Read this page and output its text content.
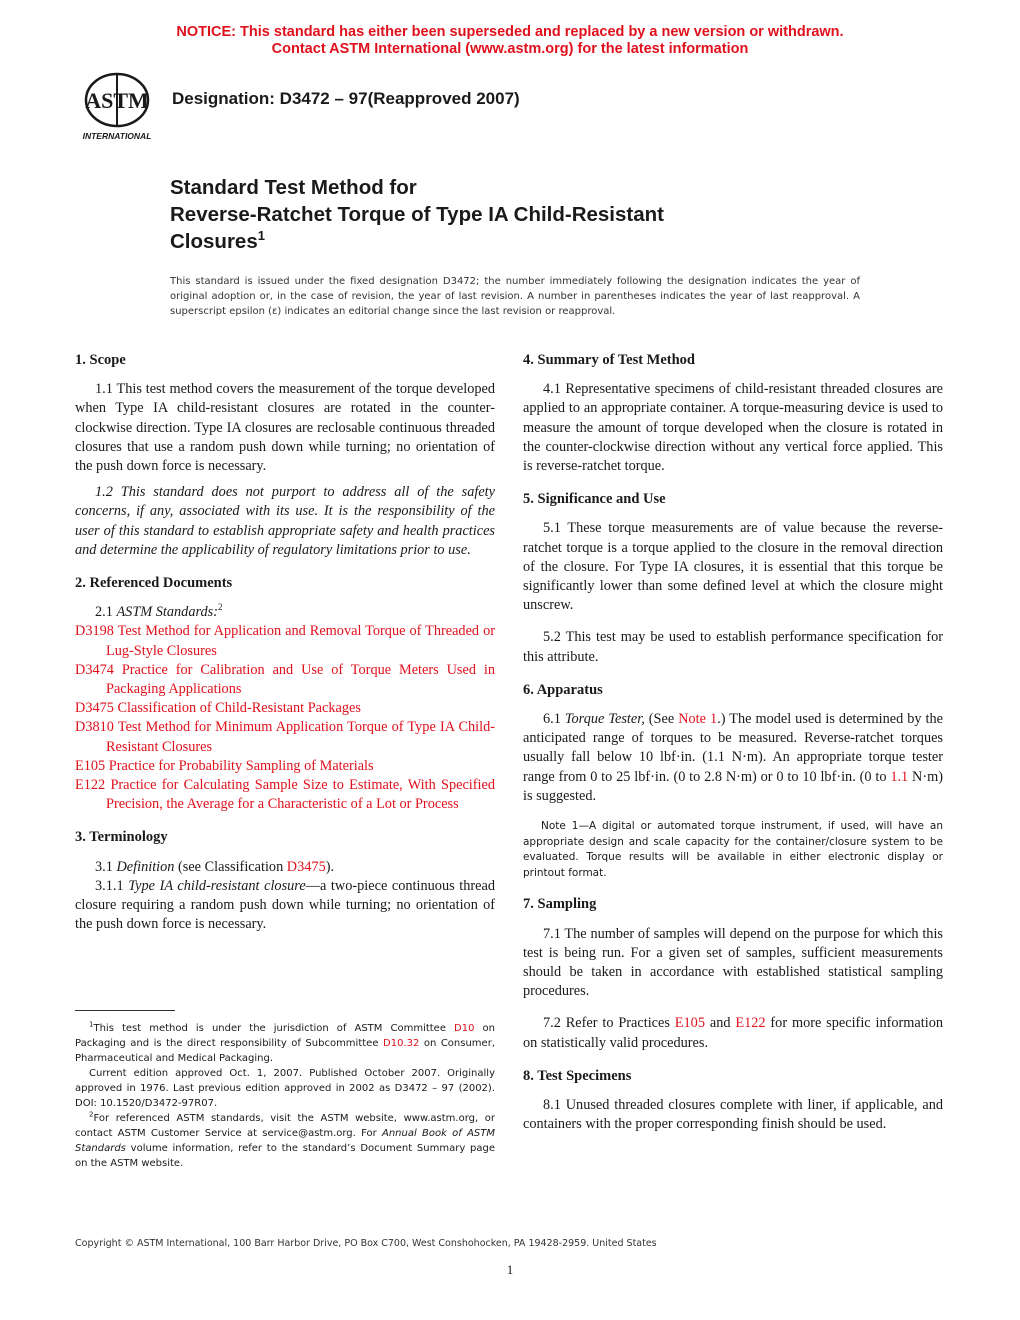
NOTICE: This standard has either been superseded and replaced by a new version or withdrawn.
Contact ASTM International (www.astm.org) for the latest information
ASTM
INTERNATIONAL
Designation: D3472 – 97(Reapproved 2007)
Standard Test Method for
Reverse-Ratchet Torque of Type IA Child-Resistant
Closures$^1$
This standard is issued under the fixed designation D3472; the number immediately following the designation indicates the year of original adoption or, in the case of revision, the year of last revision. A number in parentheses indicates the year of last reapproval. A superscript epsilon (ε) indicates an editorial change since the last revision or reapproval.
1. Scope

1.1 This test method covers the measurement of the torque developed when Type IA child-resistant closures are rotated in the counter-clockwise direction. Type IA closures are reclosable continuous threaded closures that use a random push down while turning; no orientation of the push down force is necessary.

1.2 This standard does not purport to address all of the safety concerns, if any, associated with its use. It is the responsibility of the user of this standard to establish appropriate safety and health practices and determine the applicability of regulatory limitations prior to use.

2. Referenced Documents

2.1 ASTM Standards:$^2$

D3198 Test Method for Application and Removal Torque of Threaded or Lug-Style Closures

D3474 Practice for Calibration and Use of Torque Meters Used in Packaging Applications

D3475 Classification of Child-Resistant Packages

D3810 Test Method for Minimum Application Torque of Type IA Child-Resistant Closures

E105 Practice for Probability Sampling of Materials

E122 Practice for Calculating Sample Size to Estimate, With Specified Precision, the Average for a Characteristic of a Lot or Process

3. Terminology

3.1 Definition (see Classification D3475).

3.1.1 Type IA child-resistant closure—a two-piece continuous thread closure requiring a random push down while turning; no orientation of the push down force is necessary.

$^1$This test method is under the jurisdiction of ASTM Committee D10 on Packaging and is the direct responsibility of Subcommittee D10.32 on Consumer, Pharmaceutical and Medical Packaging.

Current edition approved Oct. 1, 2007. Published October 2007. Originally approved in 1976. Last previous edition approved in 2002 as D3472 – 97 (2002). DOI: 10.1520/D3472-97R07.

$^2$For referenced ASTM standards, visit the ASTM website, www.astm.org, or contact ASTM Customer Service at service@astm.org. For Annual Book of ASTM Standards volume information, refer to the standard’s Document Summary page on the ASTM website.

4. Summary of Test Method

4.1 Representative specimens of child-resistant threaded closures are applied to an appropriate container. A torque-measuring device is used to measure the amount of torque developed when the closure is rotated in the counter-clockwise direction without any vertical force applied. This is reverse-ratchet torque.

5. Significance and Use

5.1 These torque measurements are of value because the reverse-ratchet torque is a torque applied to the closure in the removal direction of the closure. For Type IA closures, it is essential that this torque be significantly lower than some defined level at which the closure might unscrew.

5.2 This test may be used to establish performance specification for this attribute.

6. Apparatus

6.1 Torque Tester, (See Note 1.) The model used is determined by the anticipated range of torques to be measured. Reverse-ratchet torques usually fall below 10 lbf·in. (1.1 N·m). An appropriate torque tester range from 0 to 25 lbf·in. (0 to 2.8 N·m) or 0 to 10 lbf·in. (0 to 1.1 N·m) is suggested.

Note 1—A digital or automated torque instrument, if used, will have an appropriate design and scale capacity for the container/closure system to be evaluated. Torque results will be available in either electronic display or printout format.

7. Sampling

7.1 The number of samples will depend on the purpose for which this test is being run. For a given set of samples, sufficient measurements should be taken in accordance with established statistical sampling procedures.

7.2 Refer to Practices E105 and E122 for more specific information on statistically valid procedures.

8. Test Specimens

8.1 Unused threaded closures complete with liner, if applicable, and containers with the proper corresponding finish should be used.

Copyright © ASTM International, 100 Barr Harbor Drive, PO Box C700, West Conshohocken, PA 19428-2959. United States
1
